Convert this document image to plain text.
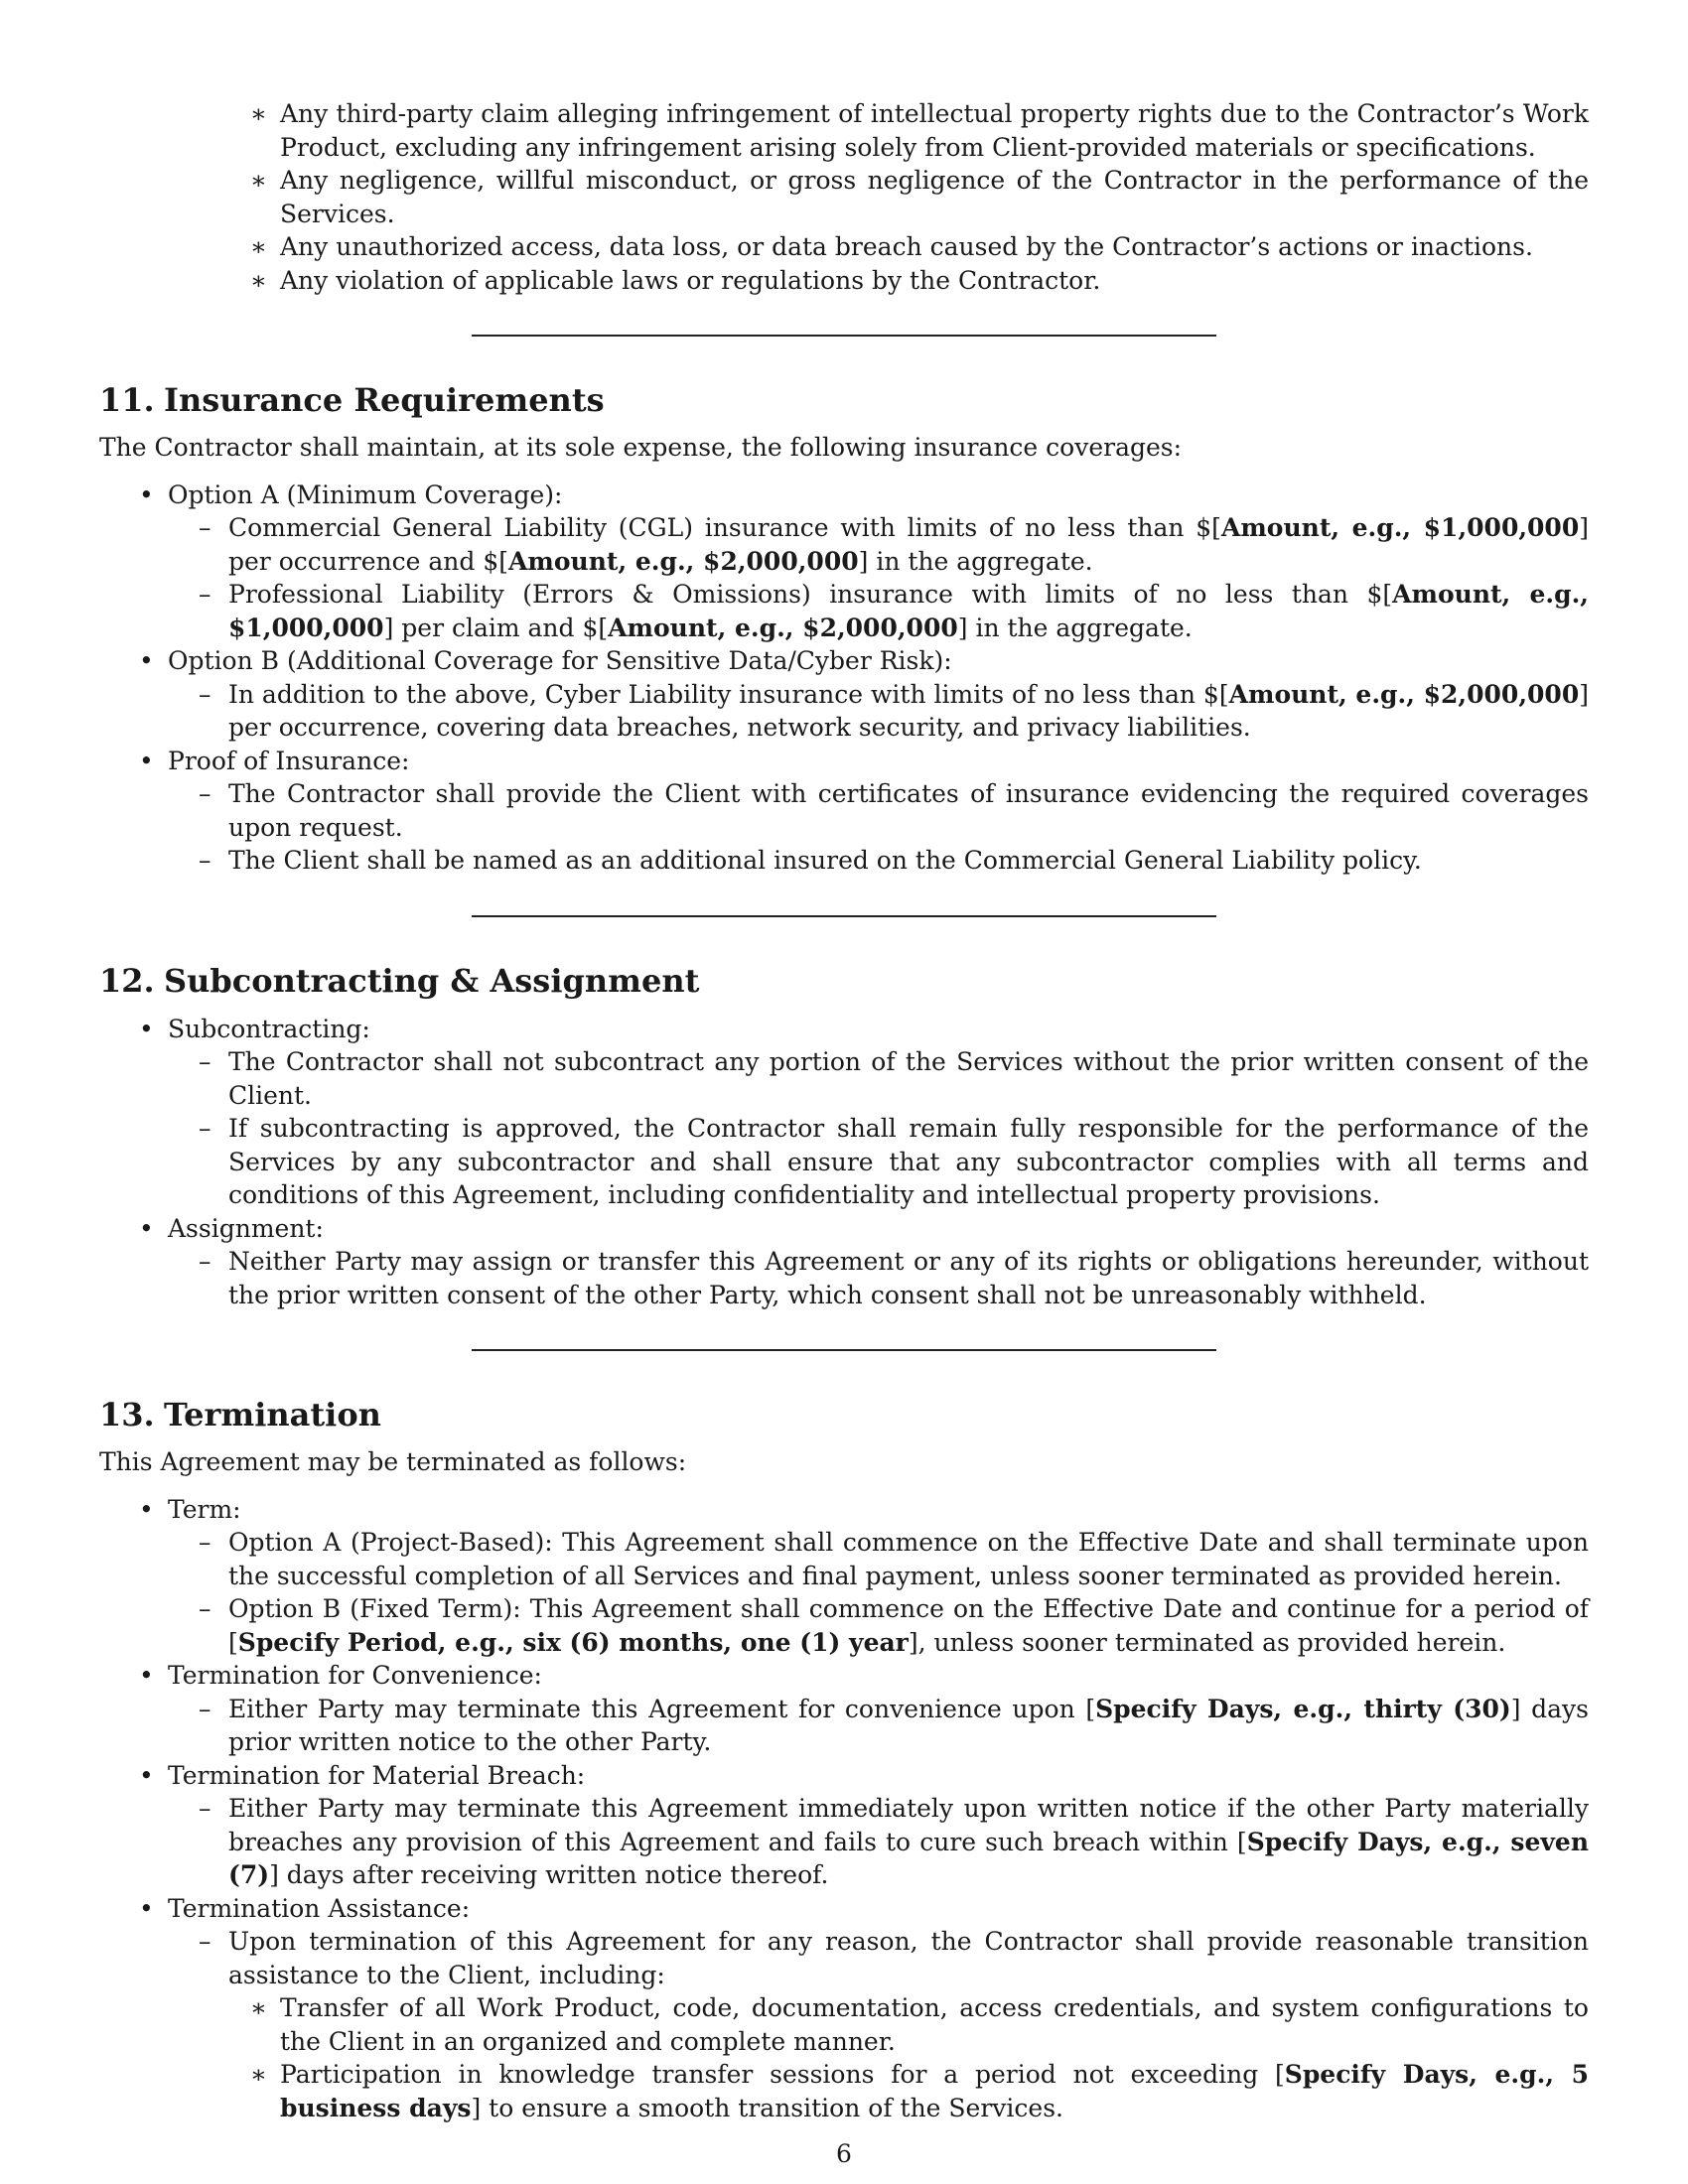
∗ Any third-party claim alleging infringement of intellectual property rights due to the Contractor’s Work Product, excluding any infringement arising solely from Client-provided materials or specifications.
∗ Any negligence, willful misconduct, or gross negligence of the Contractor in the performance of the Services.
∗ Any unauthorized access, data loss, or data breach caused by the Contractor’s actions or inactions.
∗ Any violation of applicable laws or regulations by the Contractor.
11. Insurance Requirements
The Contractor shall maintain, at its sole expense, the following insurance coverages:
• Option A (Minimum Coverage):
– Commercial General Liability (CGL) insurance with limits of no less than $[Amount, e.g., $1,000,000] per occurrence and $[Amount, e.g., $2,000,000] in the aggregate.
– Professional Liability (Errors & Omissions) insurance with limits of no less than $[Amount, e.g., $1,000,000] per claim and $[Amount, e.g., $2,000,000] in the aggregate.
• Option B (Additional Coverage for Sensitive Data/Cyber Risk):
– In addition to the above, Cyber Liability insurance with limits of no less than $[Amount, e.g., $2,000,000] per occurrence, covering data breaches, network security, and privacy liabilities.
• Proof of Insurance:
– The Contractor shall provide the Client with certificates of insurance evidencing the required coverages upon request.
– The Client shall be named as an additional insured on the Commercial General Liability policy.
12. Subcontracting & Assignment
• Subcontracting:
– The Contractor shall not subcontract any portion of the Services without the prior written consent of the Client.
– If subcontracting is approved, the Contractor shall remain fully responsible for the performance of the Services by any subcontractor and shall ensure that any subcontractor complies with all terms and conditions of this Agreement, including confidentiality and intellectual property provisions.
• Assignment:
– Neither Party may assign or transfer this Agreement or any of its rights or obligations hereunder, without the prior written consent of the other Party, which consent shall not be unreasonably withheld.
13. Termination
This Agreement may be terminated as follows:
• Term:
– Option A (Project-Based): This Agreement shall commence on the Effective Date and shall terminate upon the successful completion of all Services and final payment, unless sooner terminated as provided herein.
– Option B (Fixed Term): This Agreement shall commence on the Effective Date and continue for a period of [Specify Period, e.g., six (6) months, one (1) year], unless sooner terminated as provided herein.
• Termination for Convenience:
– Either Party may terminate this Agreement for convenience upon [Specify Days, e.g., thirty (30)] days prior written notice to the other Party.
• Termination for Material Breach:
– Either Party may terminate this Agreement immediately upon written notice if the other Party materially breaches any provision of this Agreement and fails to cure such breach within [Specify Days, e.g., seven (7)] days after receiving written notice thereof.
• Termination Assistance:
– Upon termination of this Agreement for any reason, the Contractor shall provide reasonable transition assistance to the Client, including:
∗ Transfer of all Work Product, code, documentation, access credentials, and system configurations to the Client in an organized and complete manner.
∗ Participation in knowledge transfer sessions for a period not exceeding [Specify Days, e.g., 5 business days] to ensure a smooth transition of the Services.
6
